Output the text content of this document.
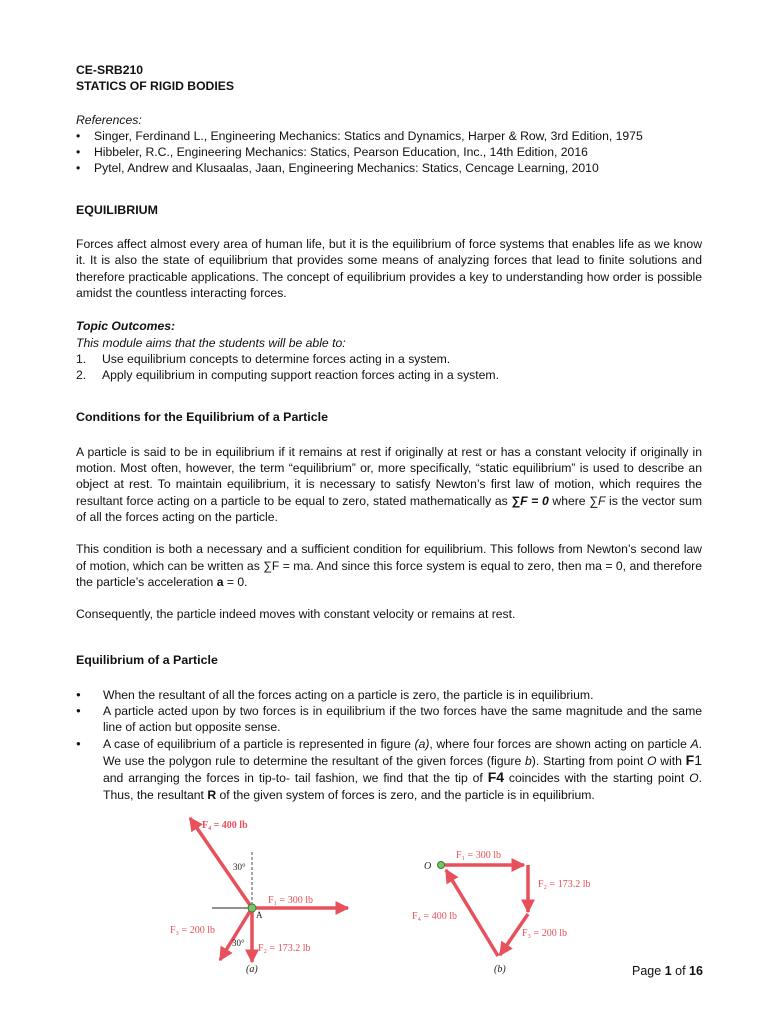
CE-SRB210

STATICS OF RIGID BODIES

References:

• Singer, Ferdinand L., Engineering Mechanics: Statics and Dynamics, Harper & Row, 3rd Edition, 1975
• Hibbeler, R.C., Engineering Mechanics: Statics, Pearson Education, Inc., 14th Edition, 2016
• Pytel, Andrew and Klusaalas, Jaan, Engineering Mechanics: Statics, Cencage Learning, 2010
EQUILIBRIUM

Forces affect almost every area of human life, but it is the equilibrium of force systems that enables life as we know it. It is also the state of equilibrium that provides some means of analyzing forces that lead to finite solutions and therefore practicable applications. The concept of equilibrium provides a key to understanding how order is possible amidst the countless interacting forces.

Topic Outcomes:

This module aims that the students will be able to:

1. Use equilibrium concepts to determine forces acting in a system.
2. Apply equilibrium in computing support reaction forces acting in a system.
Conditions for the Equilibrium of a Particle

A particle is said to be in equilibrium if it remains at rest if originally at rest or has a constant velocity if originally in motion. Most often, however, the term “equilibrium” or, more specifically, “static equilibrium” is used to describe an object at rest. To maintain equilibrium, it is necessary to satisfy Newton’s first law of motion, which requires the resultant force acting on a particle to be equal to zero, stated mathematically as ∑F = 0 where ∑F is the vector sum of all the forces acting on the particle.

This condition is both a necessary and a sufficient condition for equilibrium. This follows from Newton’s second law of motion, which can be written as ∑F = ma. And since this force system is equal to zero, then ma = 0, and therefore the particle’s acceleration a = 0.

Consequently, the particle indeed moves with constant velocity or remains at rest.

Equilibrium of a Particle
● When the resultant of all the forces acting on a particle is zero, the particle is in equilibrium.
● A particle acted upon by two forces is in equilibrium if the two forces have the same magnitude and the same line of action but opposite sense.
● A case of equilibrium of a particle is represented in figure (a), where four forces are shown acting on particle A. We use the polygon rule to determine the resultant of the given forces (figure b). Starting from point O with F1 and arranging the forces in tip-to- tail fashion, we find that the tip of F4 coincides with the starting point O. Thus, the resultant R of the given system of forces is zero, and the particle is in equilibrium.
F₄ = 400 lb
30°
F₁ = 300 lb
A
F₃ = 200 lb
30° F₂ = 173.2 lb
(a)
O
F₁ = 300 lb
F₂ = 173.2 lb
F₃ = 200 lb
F₄ = 400 lb
(b)	Page 1 of 16
